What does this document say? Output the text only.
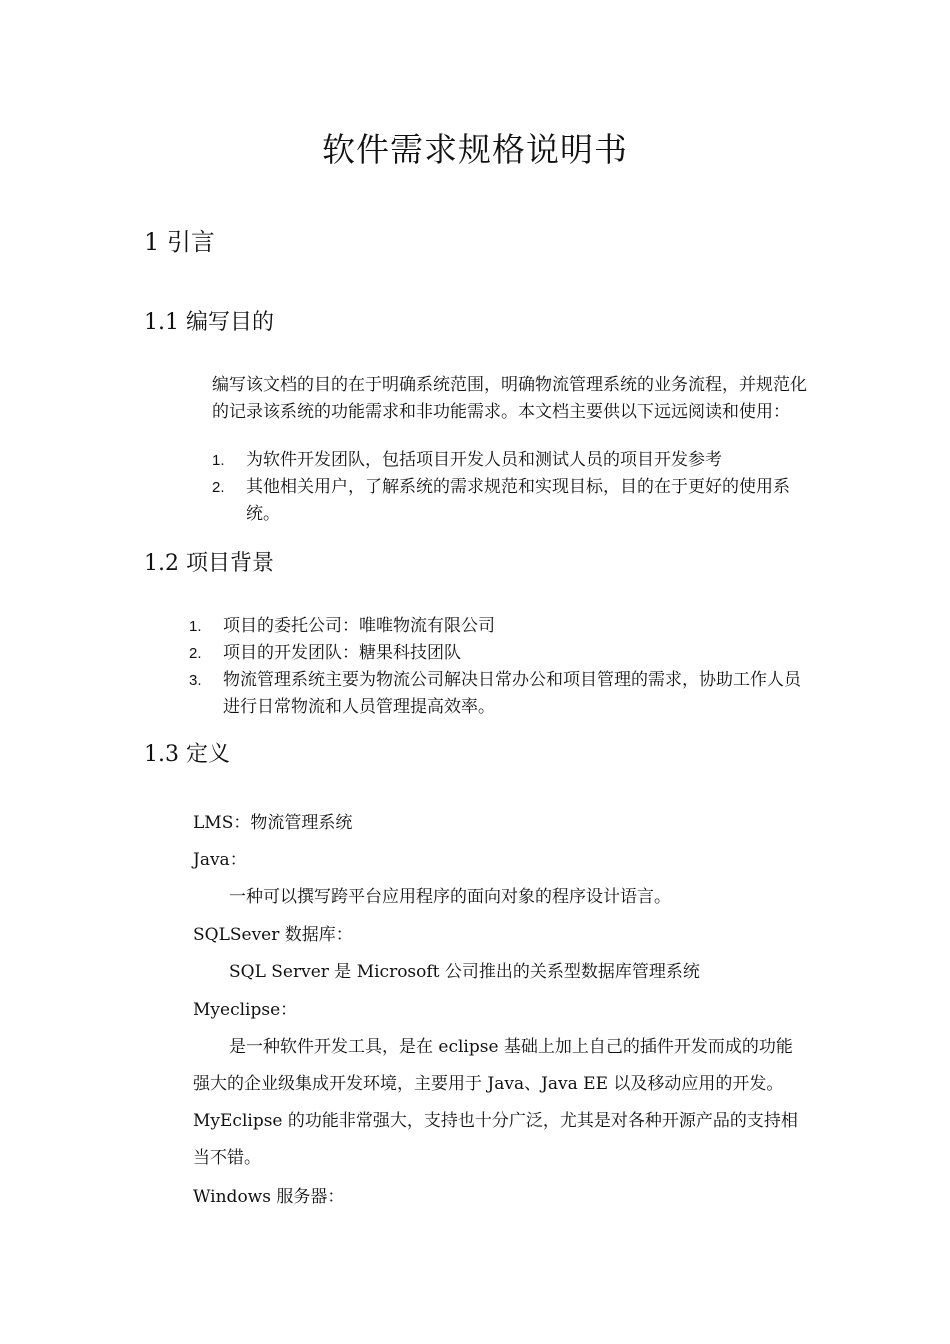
软件需求规格说明书
1 引言
1.1 编写目的
编写该文档的目的在于明确系统范围，明确物流管理系统的业务流程，并规范化的记录该系统的功能需求和非功能需求。本文档主要供以下远远阅读和使用：
1. 为软件开发团队，包括项目开发人员和测试人员的项目开发参考
2. 其他相关用户，了解系统的需求规范和实现目标，目的在于更好的使用系统。
1.2 项目背景
1. 项目的委托公司：唯唯物流有限公司
2. 项目的开发团队：糖果科技团队
3. 物流管理系统主要为物流公司解决日常办公和项目管理的需求，协助工作人员进行日常物流和人员管理提高效率。
1.3 定义
LMS：物流管理系统
Java：
一种可以撰写跨平台应用程序的面向对象的程序设计语言。
SQLSever 数据库：
SQL Server 是 Microsoft 公司推出的关系型数据库管理系统
Myeclipse：
是一种软件开发工具，是在 eclipse 基础上加上自己的插件开发而成的功能强大的企业级集成开发环境，主要用于 Java、Java EE 以及移动应用的开发。MyEclipse 的功能非常强大，支持也十分广泛，尤其是对各种开源产品的支持相当不错。
Windows 服务器：
